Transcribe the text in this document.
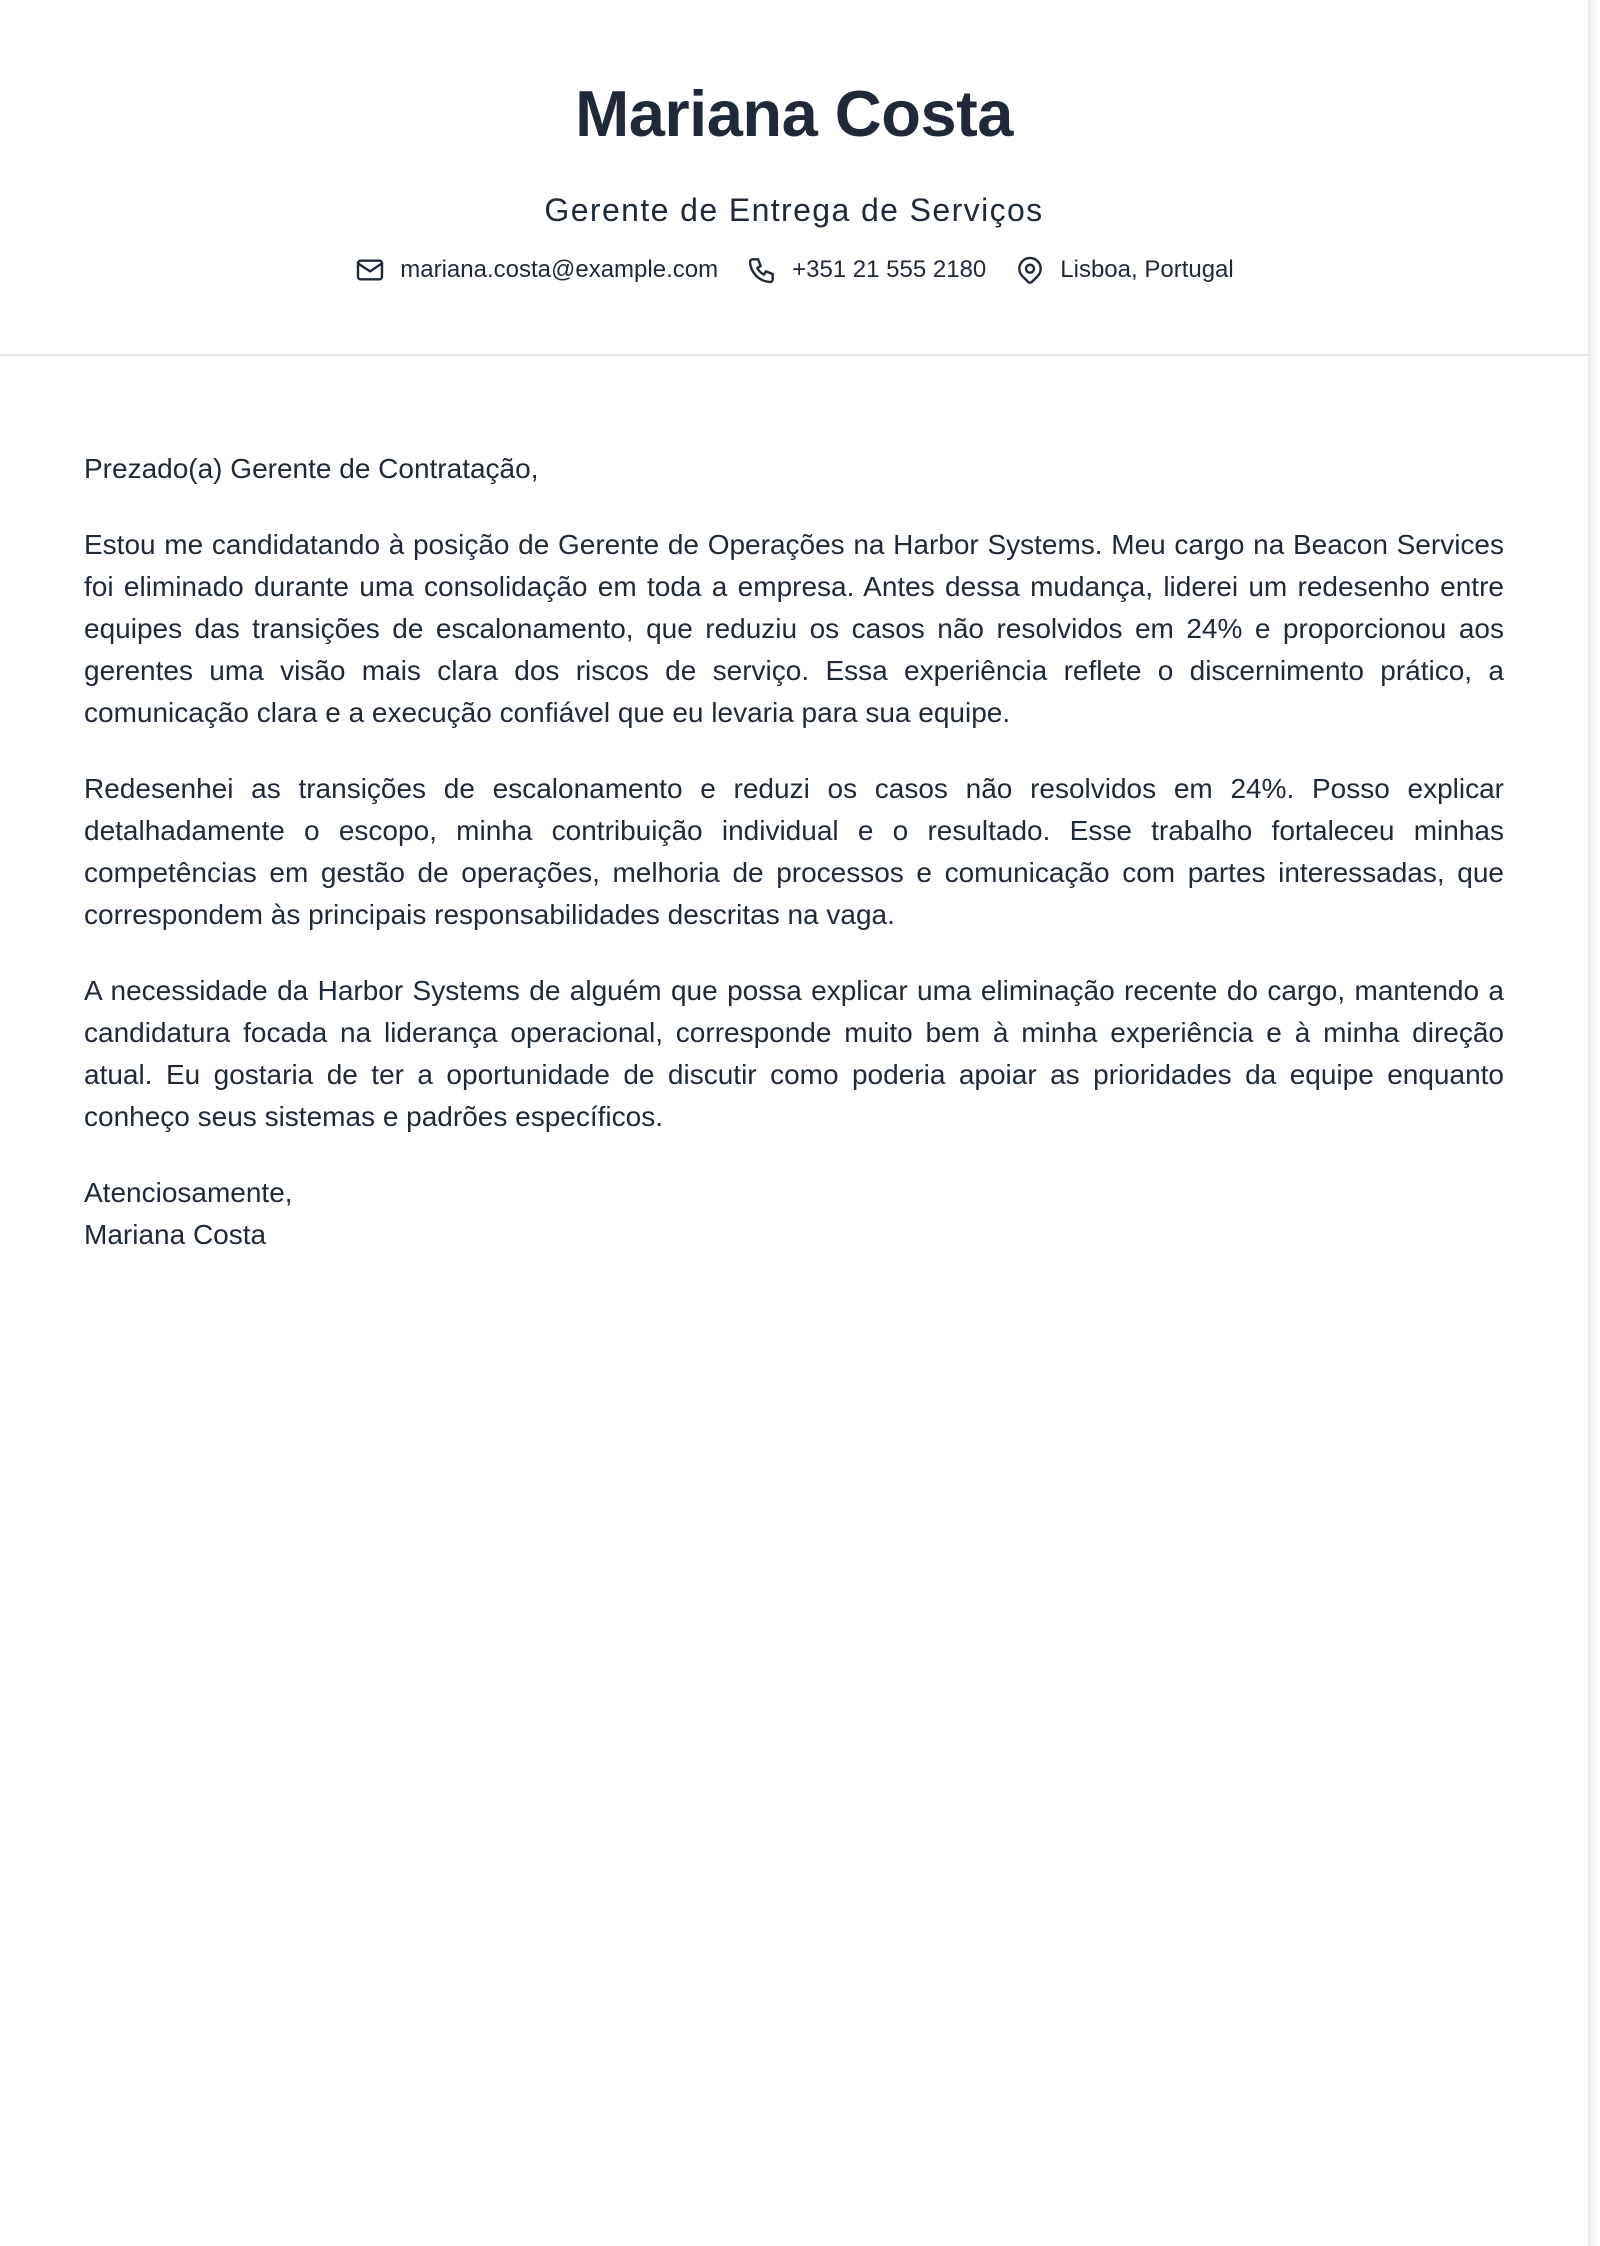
Mariana Costa
Gerente de Entrega de Serviços
mariana.costa@example.com	+351 21 555 2180	Lisboa, Portugal

Prezado(a) Gerente de Contratação,

Estou me candidatando à posição de Gerente de Operações na Harbor Systems. Meu cargo na Beacon Services foi eliminado durante uma consolidação em toda a empresa. Antes dessa mudança, liderei um redesenho entre equipes das transições de escalonamento, que reduziu os casos não resolvidos em 24% e proporcionou aos gerentes uma visão mais clara dos riscos de serviço. Essa experiência reflete o discernimento prático, a comunicação clara e a execução confiável que eu levaria para sua equipe.

Redesenhei as transições de escalonamento e reduzi os casos não resolvidos em 24%. Posso explicar detalhadamente o escopo, minha contribuição individual e o resultado. Esse trabalho fortaleceu minhas competências em gestão de operações, melhoria de processos e comunicação com partes interessadas, que correspondem às principais responsabilidades descritas na vaga.

A necessidade da Harbor Systems de alguém que possa explicar uma eliminação recente do cargo, mantendo a candidatura focada na liderança operacional, corresponde muito bem à minha experiência e à minha direção atual. Eu gostaria de ter a oportunidade de discutir como poderia apoiar as prioridades da equipe enquanto conheço seus sistemas e padrões específicos.

Atenciosamente,
Mariana Costa
